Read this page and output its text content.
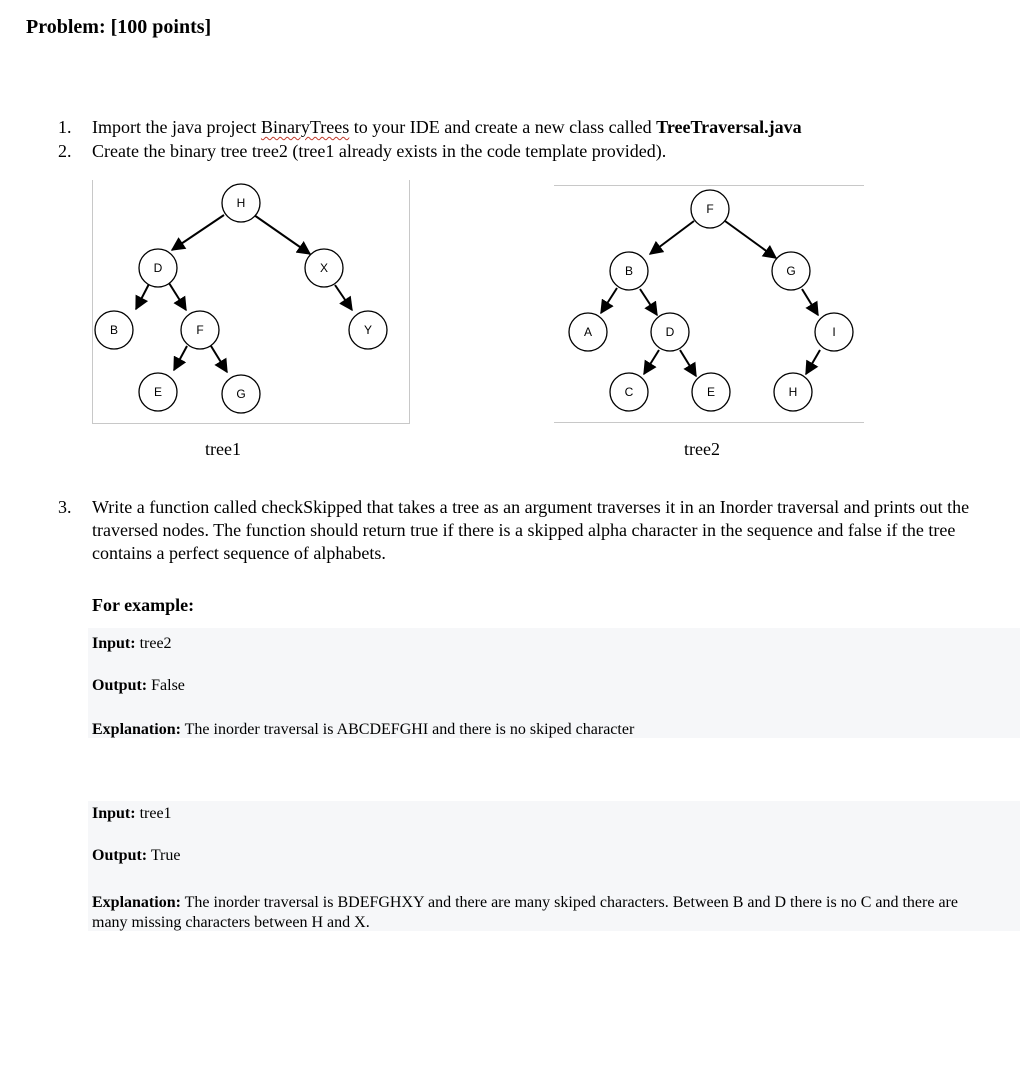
Problem: [100 points]
1. Import the java project BinaryTrees to your IDE and create a new class called TreeTraversal.java
2. Create the binary tree tree2 (tree1 already exists in the code template provided).
H
D	X
B	F	Y
E	G
F
B	G
A	D	I
C	E	H
tree1	tree2
3.	Write a function called checkSkipped that takes a tree as an argument traverses it in an Inorder traversal and prints out the traversed nodes. The function should return true if there is a skipped alpha character in the sequence and false if the tree contains a perfect sequence of alphabets.
For example:
Input: tree2
Output: False
Explanation: The inorder traversal is ABCDEFGHI and there is no skiped character
Input: tree1
Output: True
Explanation: The inorder traversal is BDEFGHXY and there are many skiped characters. Between B and D there is no C and there are many missing characters between H and X.
